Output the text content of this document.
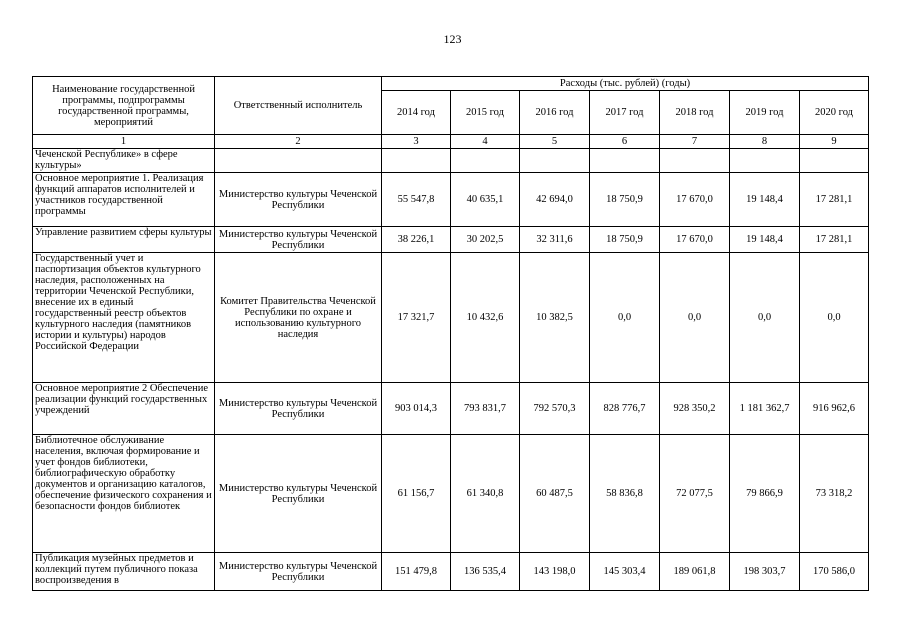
123
Наименование государственной программы, подпрограммы государственной программы, мероприятий	Ответственный исполнитель	Расходы (тыс. рублей) (годы)						
		2014 год	2015 год	2016 год	2017 год	2018 год	2019 год	2020 год
1	2	3	4	5	6	7	8	9
Чеченской Республике» в сфере культуры»								
Основное мероприятие 1. Реализация функций аппаратов исполнителей и участников государственной программы	Министерство культуры Чеченской Республики	55 547,8	40 635,1	42 694,0	18 750,9	17 670,0	19 148,4	17 281,1
Управление развитием сферы культуры	Министерство культуры Чеченской Республики	38 226,1	30 202,5	32 311,6	18 750,9	17 670,0	19 148,4	17 281,1
Государственный учет и паспортизация объектов культурного наследия, расположенных на территории Чеченской Республики, внесение их в единый государственный реестр объектов культурного наследия (памятников истории и культуры) народов Российской Федерации	Комитет Правительства Чеченской Республики по охране и использованию культурного наследия	17 321,7	10 432,6	10 382,5	0,0	0,0	0,0	0,0
Основное мероприятие 2 Обеспечение реализации функций государственных учреждений	Министерство культуры Чеченской Республики	903 014,3	793 831,7	792 570,3	828 776,7	928 350,2	1 181 362,7	916 962,6
Библиотечное обслуживание населения, включая формирование и учет фондов библиотеки, библиографическую обработку документов и организацию каталогов, обеспечение физического сохранения и безопасности фондов библиотек	Министерство культуры Чеченской Республики	61 156,7	61 340,8	60 487,5	58 836,8	72 077,5	79 866,9	73 318,2
Публикация музейных предметов и коллекций путем публичного показа воспроизведения в	Министерство культуры Чеченской Республики	151 479,8	136 535,4	143 198,0	145 303,4	189 061,8	198 303,7	170 586,0
